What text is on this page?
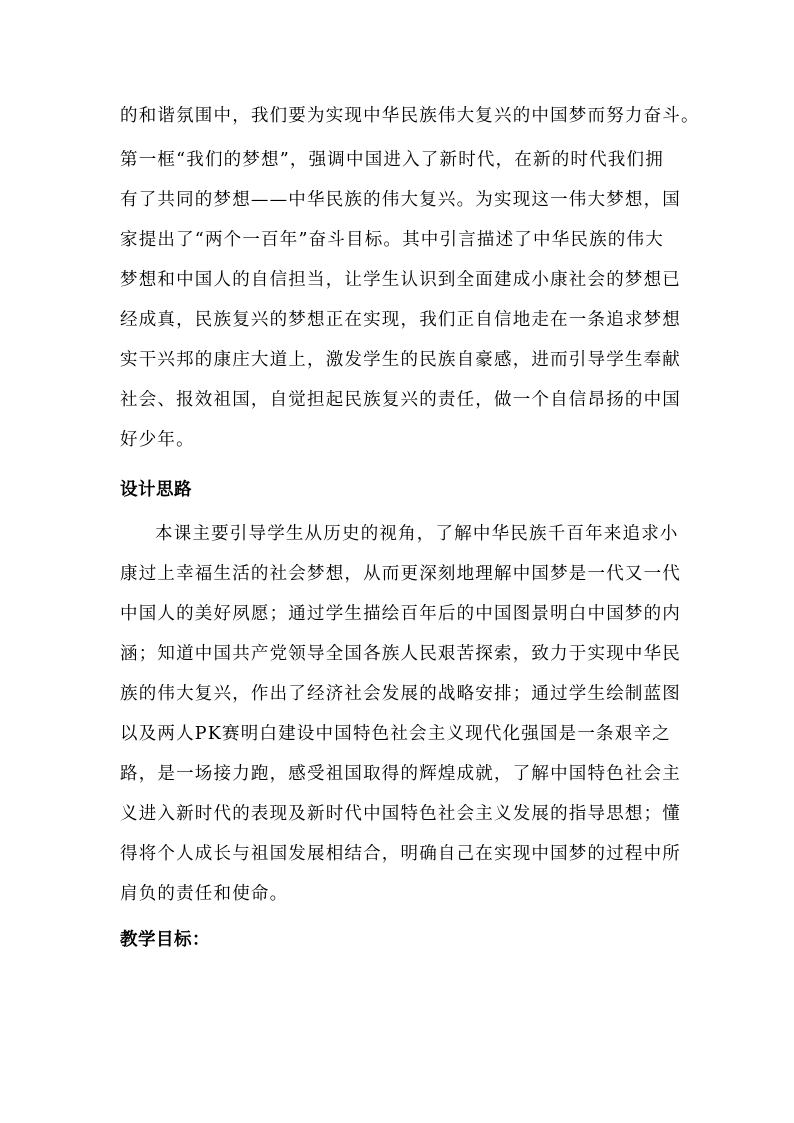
的和谐氛围中，我们要为实现中华民族伟大复兴的中国梦而努力奋斗。
第一框“我们的梦想”，强调中国进入了新时代，在新的时代我们拥
有了共同的梦想——中华民族的伟大复兴。为实现这一伟大梦想，国
家提出了“两个一百年”奋斗目标。其中引言描述了中华民族的伟大
梦想和中国人的自信担当，让学生认识到全面建成小康社会的梦想已
经成真，民族复兴的梦想正在实现，我们正自信地走在一条追求梦想
实干兴邦的康庄大道上，激发学生的民族自豪感，进而引导学生奉献
社会、报效祖国，自觉担起民族复兴的责任，做一个自信昂扬的中国
好少年。
设计思路
本课主要引导学生从历史的视角，了解中华民族千百年来追求小
康过上幸福生活的社会梦想，从而更深刻地理解中国梦是一代又一代
中国人的美好夙愿；通过学生描绘百年后的中国图景明白中国梦的内
涵；知道中国共产党领导全国各族人民艰苦探索，致力于实现中华民
族的伟大复兴，作出了经济社会发展的战略安排；通过学生绘制蓝图
以及两人PK赛明白建设中国特色社会主义现代化强国是一条艰辛之
路，是一场接力跑，感受祖国取得的辉煌成就，了解中国特色社会主
义进入新时代的表现及新时代中国特色社会主义发展的指导思想；懂
得将个人成长与祖国发展相结合，明确自己在实现中国梦的过程中所
肩负的责任和使命。
教学目标：
